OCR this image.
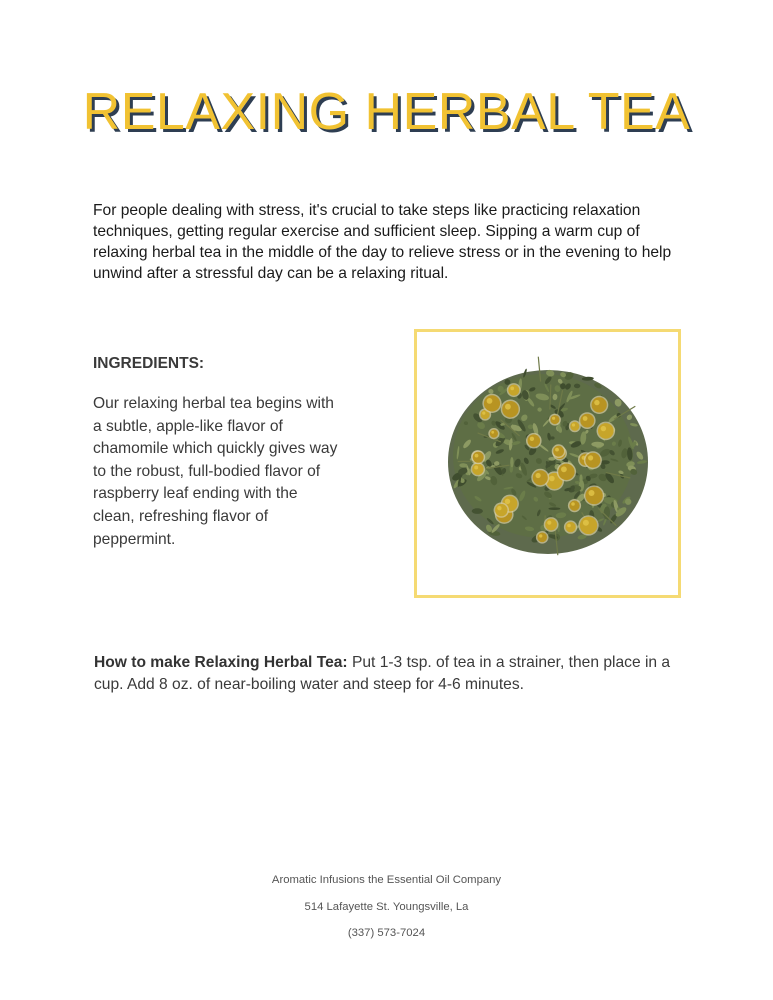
RELAXING HERBAL TEA

For people dealing with stress, it's crucial to take steps like practicing relaxation techniques, getting regular exercise and sufficient sleep. Sipping a warm cup of relaxing herbal tea in the middle of the day to relieve stress or in the evening to help unwind after a stressful day can be a relaxing ritual.

INGREDIENTS:

Our relaxing herbal tea begins with a subtle, apple-like flavor of chamomile which quickly gives way to the robust, full-bodied flavor of raspberry leaf ending with the clean, refreshing flavor of peppermint.

How to make Relaxing Herbal Tea: Put 1-3 tsp. of tea in a strainer, then place in a cup. Add 8 oz. of near-boiling water and steep for 4-6 minutes.

Aromatic Infusions the Essential Oil Company
514 Lafayette St. Youngsville, La
(337) 573-7024
